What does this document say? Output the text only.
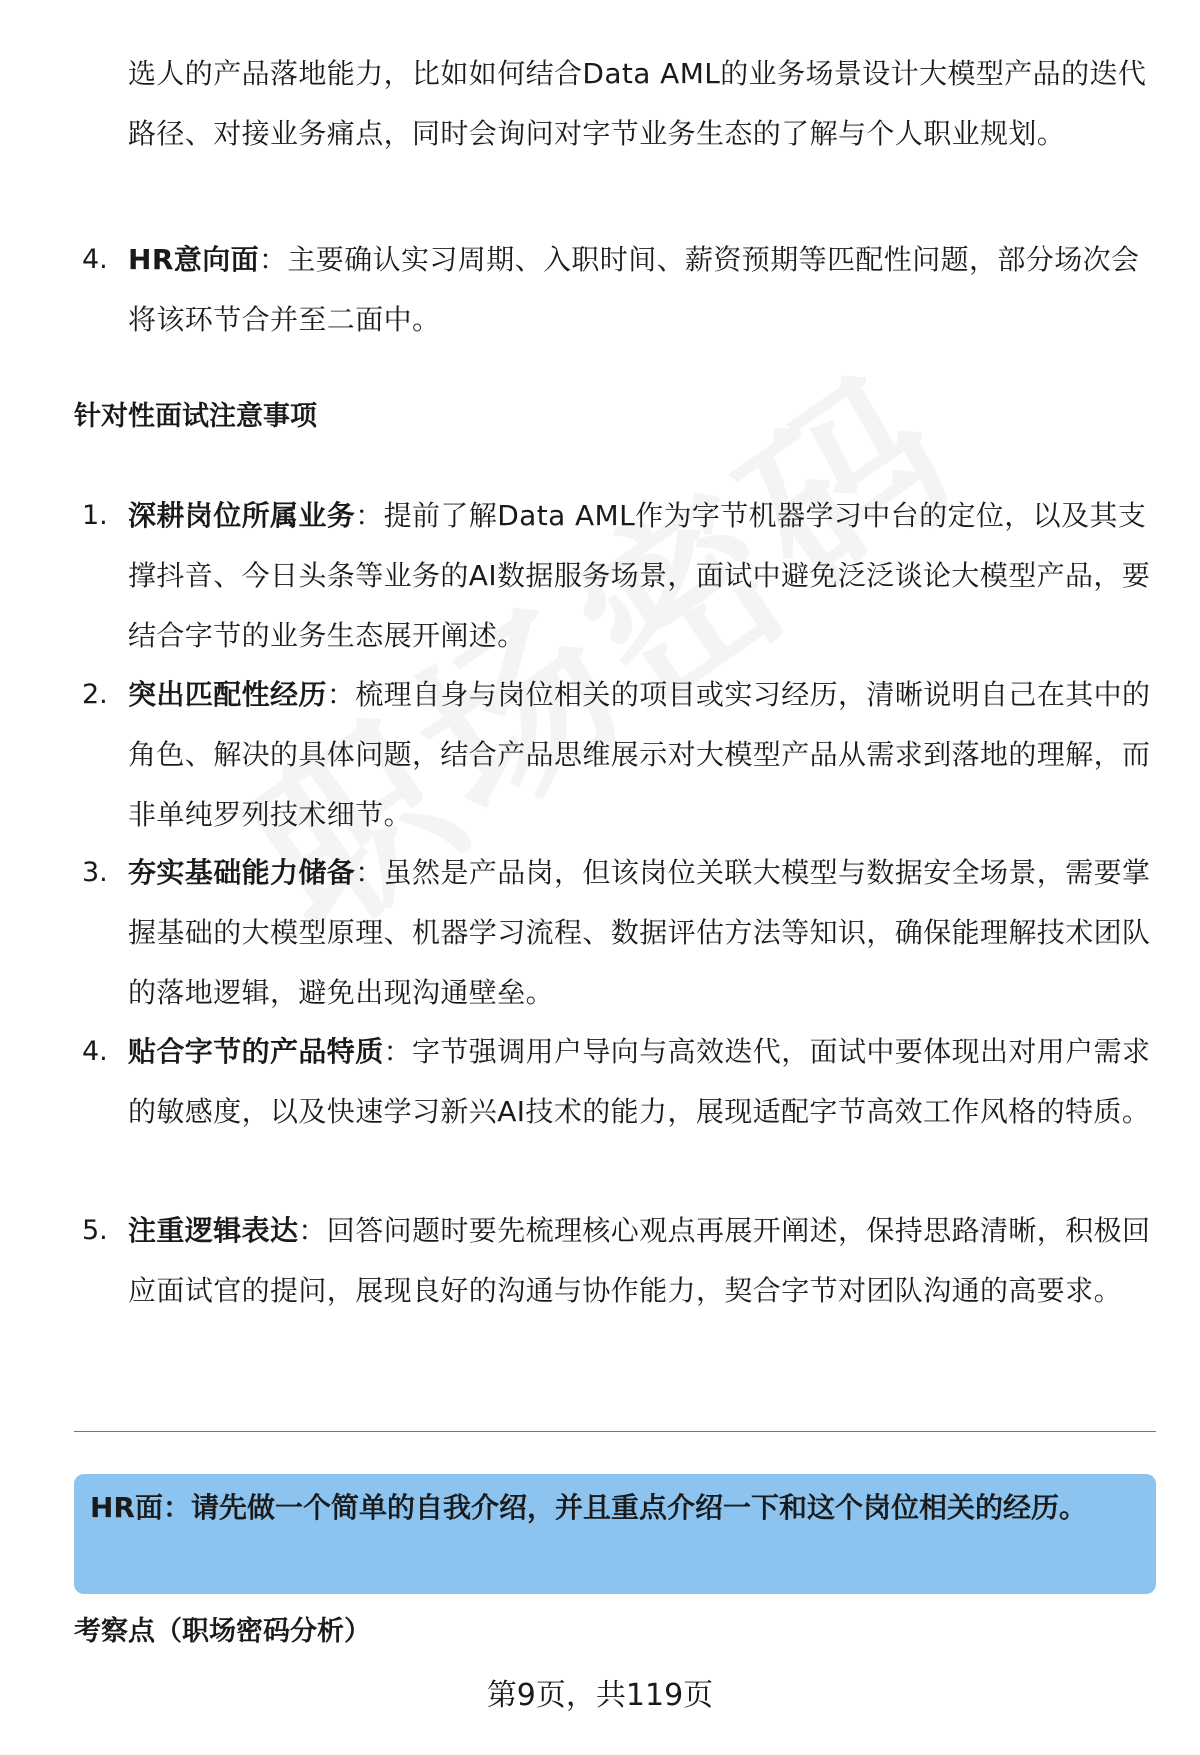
选人的产品落地能力，比如如何结合Data AML的业务场景设计大模型产品的迭代路径、对接业务痛点，同时会询问对字节业务生态的了解与个人职业规划。
4. HR意向面：主要确认实习周期、入职时间、薪资预期等匹配性问题，部分场次会将该环节合并至二面中。
针对性面试注意事项
1. 深耕岗位所属业务：提前了解Data AML作为字节机器学习中台的定位，以及其支撑抖音、今日头条等业务的AI数据服务场景，面试中避免泛泛谈论大模型产品，要结合字节的业务生态展开阐述。
2. 突出匹配性经历：梳理自身与岗位相关的项目或实习经历，清晰说明自己在其中的角色、解决的具体问题，结合产品思维展示对大模型产品从需求到落地的理解，而非单纯罗列技术细节。
3. 夯实基础能力储备：虽然是产品岗，但该岗位关联大模型与数据安全场景，需要掌握基础的大模型原理、机器学习流程、数据评估方法等知识，确保能理解技术团队的落地逻辑，避免出现沟通壁垒。
4. 贴合字节的产品特质：字节强调用户导向与高效迭代，面试中要体现出对用户需求的敏感度，以及快速学习新兴AI技术的能力，展现适配字节高效工作风格的特质。
5. 注重逻辑表达：回答问题时要先梳理核心观点再展开阐述，保持思路清晰，积极回应面试官的提问，展现良好的沟通与协作能力，契合字节对团队沟通的高要求。
HR面：请先做一个简单的自我介绍，并且重点介绍一下和这个岗位相关的经历。
考察点（职场密码分析）
第9页，共119页
